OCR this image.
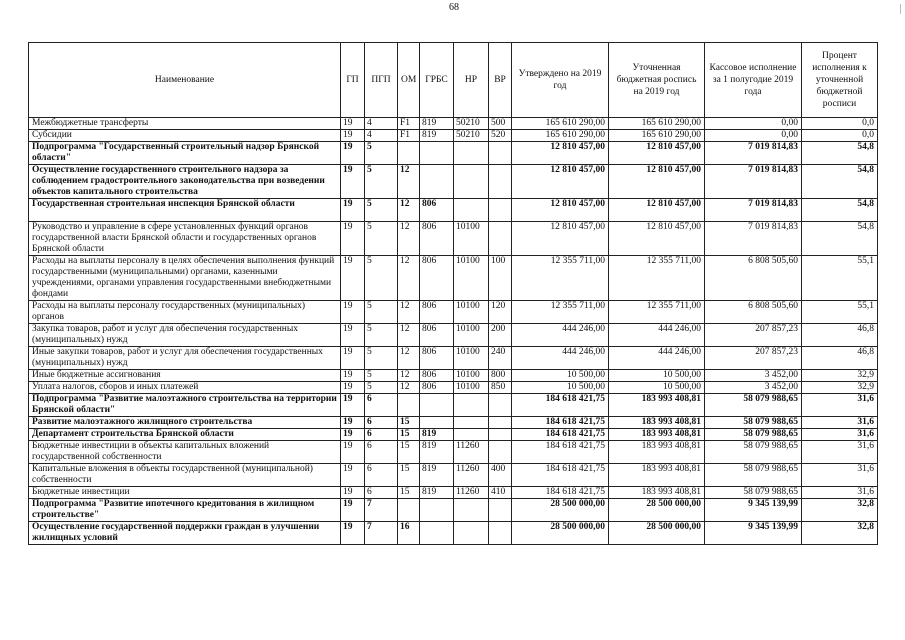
68
Наименование	ГП	ПГП	ОМ	ГРБС	НР	ВР	Утверждено на 2019 год	Уточненная бюджетная роспись на 2019 год	Кассовое исполнение за 1 полугодие 2019 года	Процент исполнения к уточненной бюджетной росписи
Межбюджетные трансферты	19	4	F1	819	50210	500	165 610 290,00	165 610 290,00	0,00	0,0
Субсидии	19	4	F1	819	50210	520	165 610 290,00	165 610 290,00	0,00	0,0
Подпрограмма "Государственный строительный надзор Брянской области"	19	5					12 810 457,00	12 810 457,00	7 019 814,83	54,8
Осуществление государственного строительного надзора за соблюдением градостроительного законодательства при возведении объектов капитального строительства	19	5	12				12 810 457,00	12 810 457,00	7 019 814,83	54,8
Государственная строительная инспекция Брянской области	19	5	12	806			12 810 457,00	12 810 457,00	7 019 814,83	54,8
Руководство и управление в сфере установленных функций органов государственной власти Брянской области и государственных органов Брянской области	19	5	12	806	10100		12 810 457,00	12 810 457,00	7 019 814,83	54,8
Расходы на выплаты персоналу в целях обеспечения выполнения функций государственными (муниципальными) органами, казенными учреждениями, органами управления государственными внебюджетными фондами	19	5	12	806	10100	100	12 355 711,00	12 355 711,00	6 808 505,60	55,1
Расходы на выплаты персоналу государственных (муниципальных) органов	19	5	12	806	10100	120	12 355 711,00	12 355 711,00	6 808 505,60	55,1
Закупка товаров, работ и услуг для обеспечения государственных (муниципальных) нужд	19	5	12	806	10100	200	444 246,00	444 246,00	207 857,23	46,8
Иные закупки товаров, работ и услуг для обеспечения государственных (муниципальных) нужд	19	5	12	806	10100	240	444 246,00	444 246,00	207 857,23	46,8
Иные бюджетные ассигнования	19	5	12	806	10100	800	10 500,00	10 500,00	3 452,00	32,9
Уплата налогов, сборов и иных платежей	19	5	12	806	10100	850	10 500,00	10 500,00	3 452,00	32,9
Подпрограмма "Развитие малоэтажного строительства на территории Брянской области"	19	6					184 618 421,75	183 993 408,81	58 079 988,65	31,6
Развитие малоэтажного жилищного строительства	19	6	15				184 618 421,75	183 993 408,81	58 079 988,65	31,6
Департамент строительства Брянской области	19	6	15	819			184 618 421,75	183 993 408,81	58 079 988,65	31,6
Бюджетные инвестиции в объекты капитальных вложений государственной собственности	19	6	15	819	11260		184 618 421,75	183 993 408,81	58 079 988,65	31,6
Капитальные вложения в объекты государственной (муниципальной) собственности	19	6	15	819	11260	400	184 618 421,75	183 993 408,81	58 079 988,65	31,6
Бюджетные инвестиции	19	6	15	819	11260	410	184 618 421,75	183 993 408,81	58 079 988,65	31,6
Подпрограмма "Развитие ипотечного кредитования в жилищном строительстве"	19	7					28 500 000,00	28 500 000,00	9 345 139,99	32,8
Осуществление государственной поддержки граждан в улучшении жилищных условий	19	7	16				28 500 000,00	28 500 000,00	9 345 139,99	32,8
